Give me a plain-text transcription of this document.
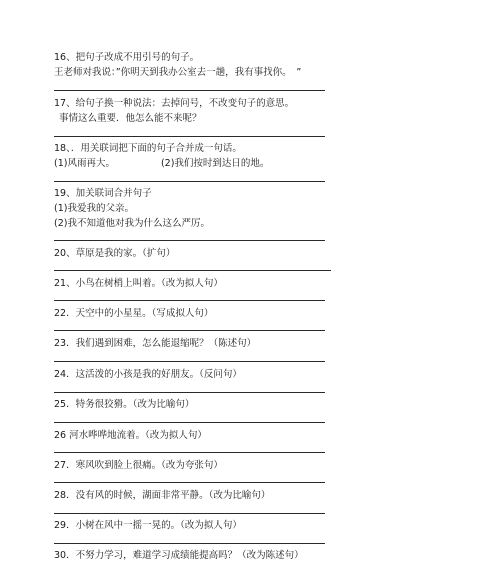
16、把句子改成不用引号的句子。
王老师对我说：”你明天到我办公室去一趟，我有事找你。　”
17、给句子换一种说法：去掉问号，不改变句子的意思。
事情这么重要．他怎么能不来呢？
18、．用关联词把下面的句子合并成一句话。
(1)风雨再大。	(2)我们按时到达日的地。
19、加关联词合并句子
(1)我爱我的父亲。
(2)我不知道他对我为什么这么严厉。
20、草原是我的家。（扩句）
21、小鸟在树梢上叫着。（改为拟人句）
22．天空中的小星星。（写成拟人句）
23．我们遇到困难，怎么能退缩呢？（陈述句）
24．这活泼的小孩是我的好朋友。（反问句）
25．特务很狡猾。（改为比喻句）
26 河水哗哗地流着。（改为拟人句）
27．寒风吹到脸上很痛。（改为夸张句）
28．没有风的时候，湖面非常平静。（改为比喻句）
29．小树在风中一摇一晃的。（改为拟人句）
30．不努力学习，难道学习成绩能提高吗？（改为陈述句）
